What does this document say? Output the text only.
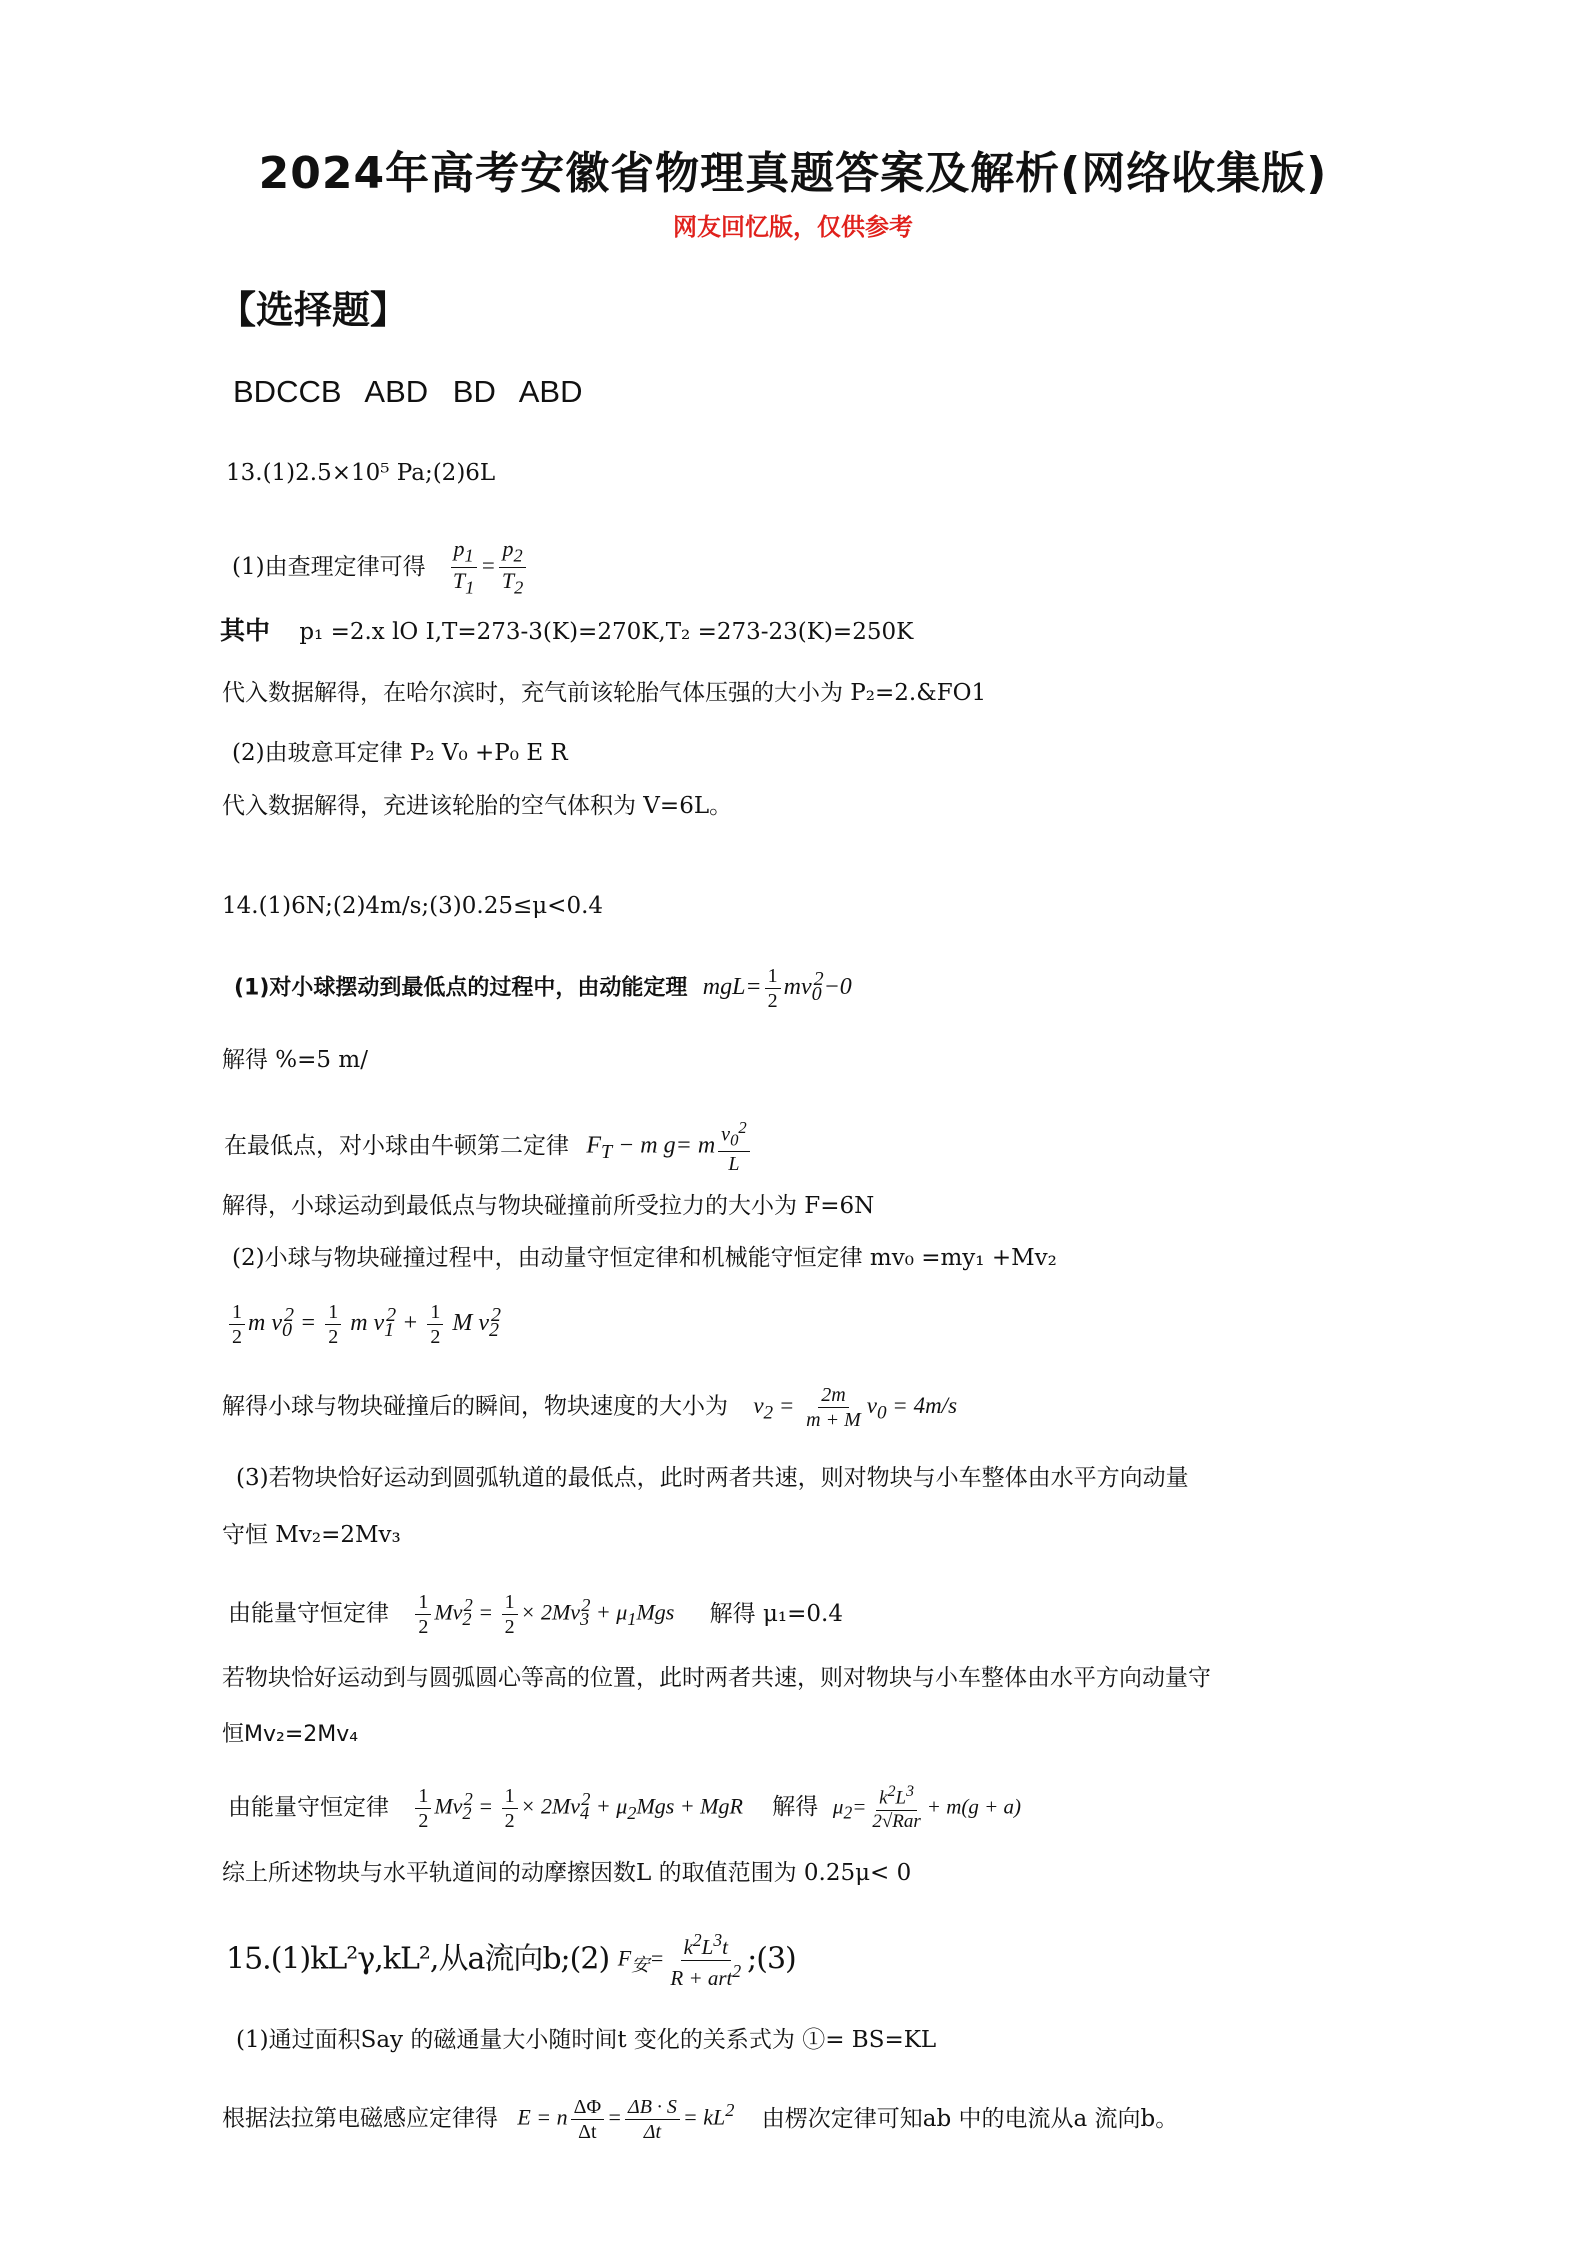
2024年高考安徽省物理真题答案及解析(网络收集版)
网友回忆版，仅供参考
【选择题】
BDCCB ABD BD ABD
13.(1)2.5×10⁵ Pa;(2)6L
(1)由查理定律可得 $\frac{p_1}{T_1} = \frac{p_2}{T_2}$
其中 p₁ =2.x lO I,T=273-3(K)=270K,T₂ =273-23(K)=250K
代入数据解得，在哈尔滨时，充气前该轮胎气体压强的大小为 P₂=2.&FO1
(2)由玻意耳定律 P₂ V₀ +P₀ E R
代入数据解得，充进该轮胎的空气体积为 V=6L。
14.(1)6N;(2)4m/s;(3)0.25≤μ<0.4
(1)对小球摆动到最低点的过程中，由动能定理 $mgL= \frac{1}{2} mv_0^2-0$
解得 %=5 m/
在最低点，对小球由牛顿第二定律 $F_T - m$ g= m $\frac{v_0^2}{L}$
解得，小球运动到最低点与物块碰撞前所受拉力的大小为 F=6N
(2)小球与物块碰撞过程中，由动量守恒定律和机械能守恒定律 mv₀ =my₁ +Mv₂
$\frac{1}{2}$ m $v_0^2 = \frac{1}{2}$ m $v_1^2 + \frac{1}{2}$ M $v_2^2$
解得小球与物块碰撞后的瞬间，物块速度的大小为 $v_2 = \frac{2m}{m + M} v_0 = 4m/s$
(3)若物块恰好运动到圆弧轨道的最低点，此时两者共速，则对物块与小车整体由水平方向动量
守恒 Mv₂=2Mv₃
由能量守恒定律 $\frac{1}{2} Mv_2^2 = \frac{1}{2} \times 2Mv_3^2 + \mu_1Mgs$ 解得 μ₁=0.4
若物块恰好运动到与圆弧圆心等高的位置，此时两者共速，则对物块与小车整体由水平方向动量守
恒Mv₂=2Mv₄
由能量守恒定律 $\frac{1}{2} Mv_2^2 = \frac{1}{2} \times 2Mv_4^2 + \mu_2Mgs$ + MgR 解得  $\mu_2= \frac{k^2L^3}{\text{2√Rar}} + m(g + a)$
综上所述物块与水平轨道间的动摩擦因数L 的取值范围为 0.25μ< 0
15.(1)kL²γ,kL²,从a流向b;(2) $F_安= \frac{k^2L^3t}{R + art^2}$ ;(3)
(1)通过面积Say 的磁通量大小随时间t 变化的关系式为 ①= BS=KL
根据法拉第电磁感应定律得 E = n $\frac{\Delta\Phi}{\Delta t} = \frac{\Delta B \cdot S}{\Delta t} = kL^2$ 由楞次定律可知ab 中的电流从a 流向b。
